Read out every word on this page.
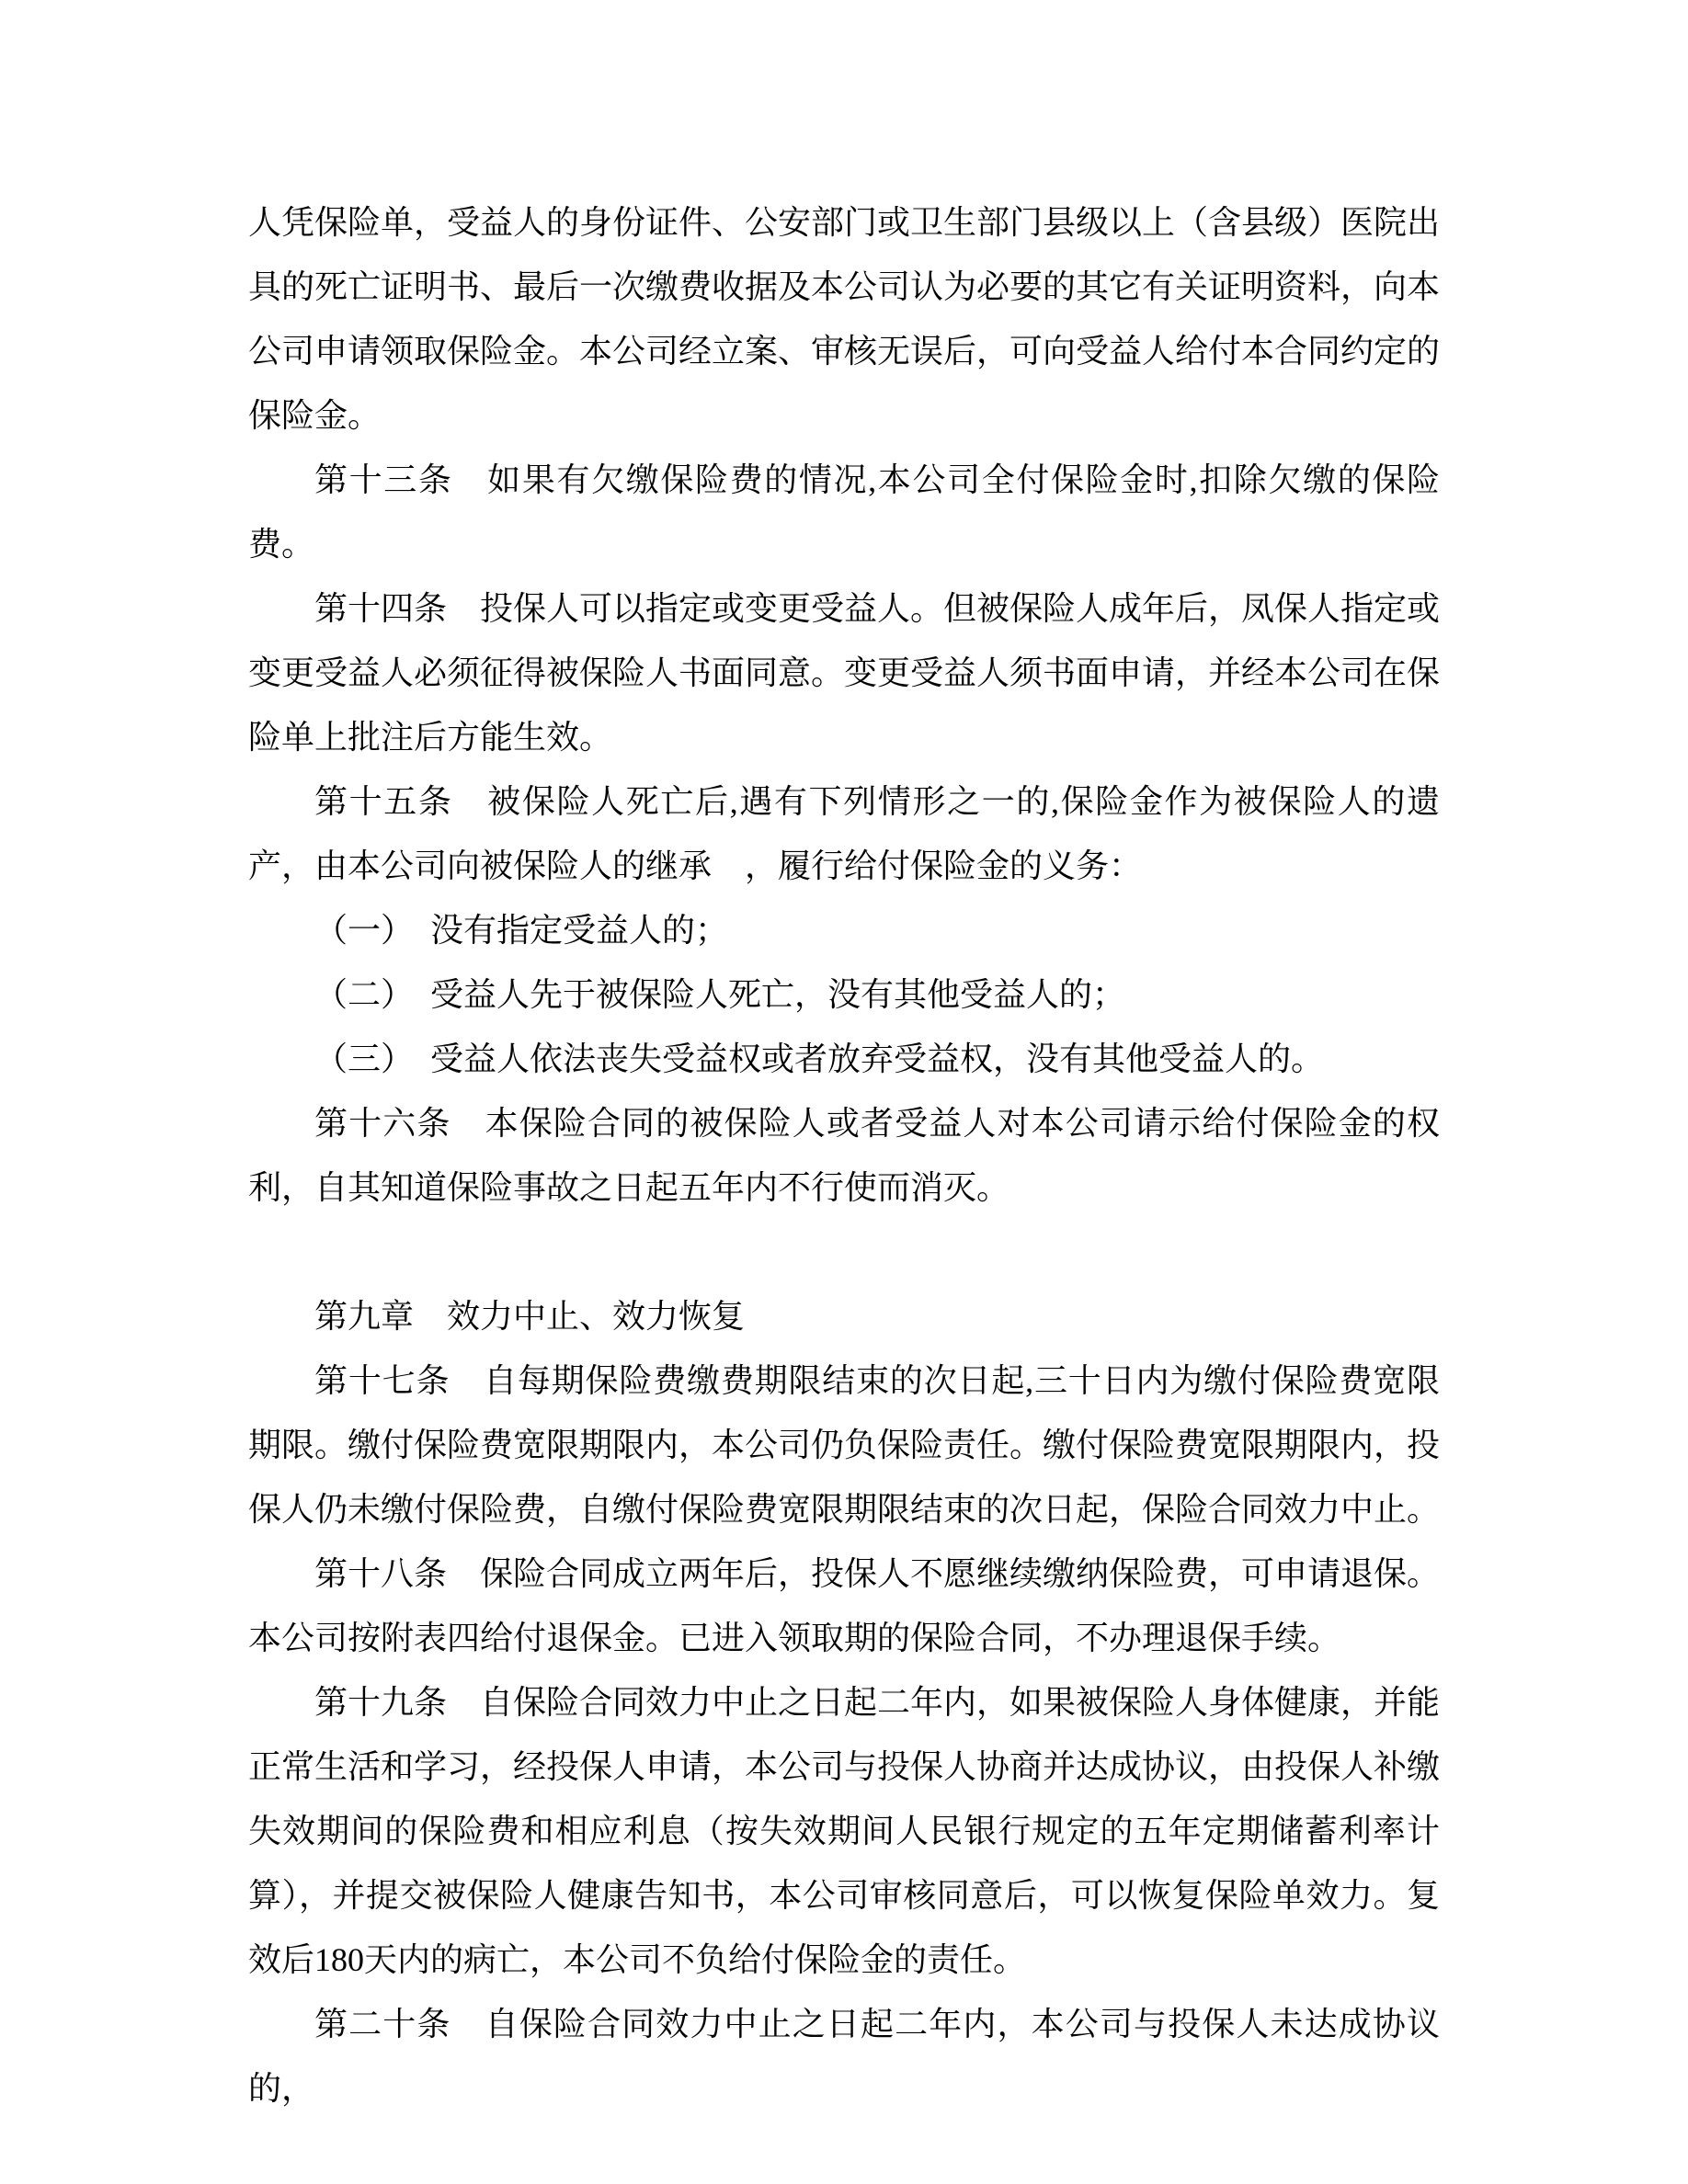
人凭保险单，受益人的身份证件、公安部门或卫生部门县级以上（含县级）医院出具的死亡证明书、最后一次缴费收据及本公司认为必要的其它有关证明资料，向本公司申请领取保险金。本公司经立案、审核无误后，可向受益人给付本合同约定的保险金。

第十三条　如果有欠缴保险费的情况,本公司全付保险金时,扣除欠缴的保险费。

第十四条　投保人可以指定或变更受益人。但被保险人成年后，凤保人指定或变更受益人必须征得被保险人书面同意。变更受益人须书面申请，并经本公司在保险单上批注后方能生效。

第十五条　被保险人死亡后,遇有下列情形之一的,保险金作为被保险人的遗产，由本公司向被保险人的继承　，履行给付保险金的义务：

（一）　没有指定受益人的；

（二）　受益人先于被保险人死亡，没有其他受益人的；

（三）　受益人依法丧失受益权或者放弃受益权，没有其他受益人的。

第十六条　本保险合同的被保险人或者受益人对本公司请示给付保险金的权利，自其知道保险事故之日起五年内不行使而消灭。

第九章　效力中止、效力恢复

第十七条　自每期保险费缴费期限结束的次日起,三十日内为缴付保险费宽限期限。缴付保险费宽限期限内，本公司仍负保险责任。缴付保险费宽限期限内，投保人仍未缴付保险费，自缴付保险费宽限期限结束的次日起，保险合同效力中止。

第十八条　保险合同成立两年后，投保人不愿继续缴纳保险费，可申请退保。本公司按附表四给付退保金。已进入领取期的保险合同，不办理退保手续。

第十九条　自保险合同效力中止之日起二年内，如果被保险人身体健康，并能正常生活和学习，经投保人申请，本公司与投保人协商并达成协议，由投保人补缴失效期间的保险费和相应利息（按失效期间人民银行规定的五年定期储蓄利率计算），并提交被保险人健康告知书，本公司审核同意后，可以恢复保险单效力。复效后180天内的病亡，本公司不负给付保险金的责任。

第二十条　自保险合同效力中止之日起二年内，本公司与投保人未达成协议的，
